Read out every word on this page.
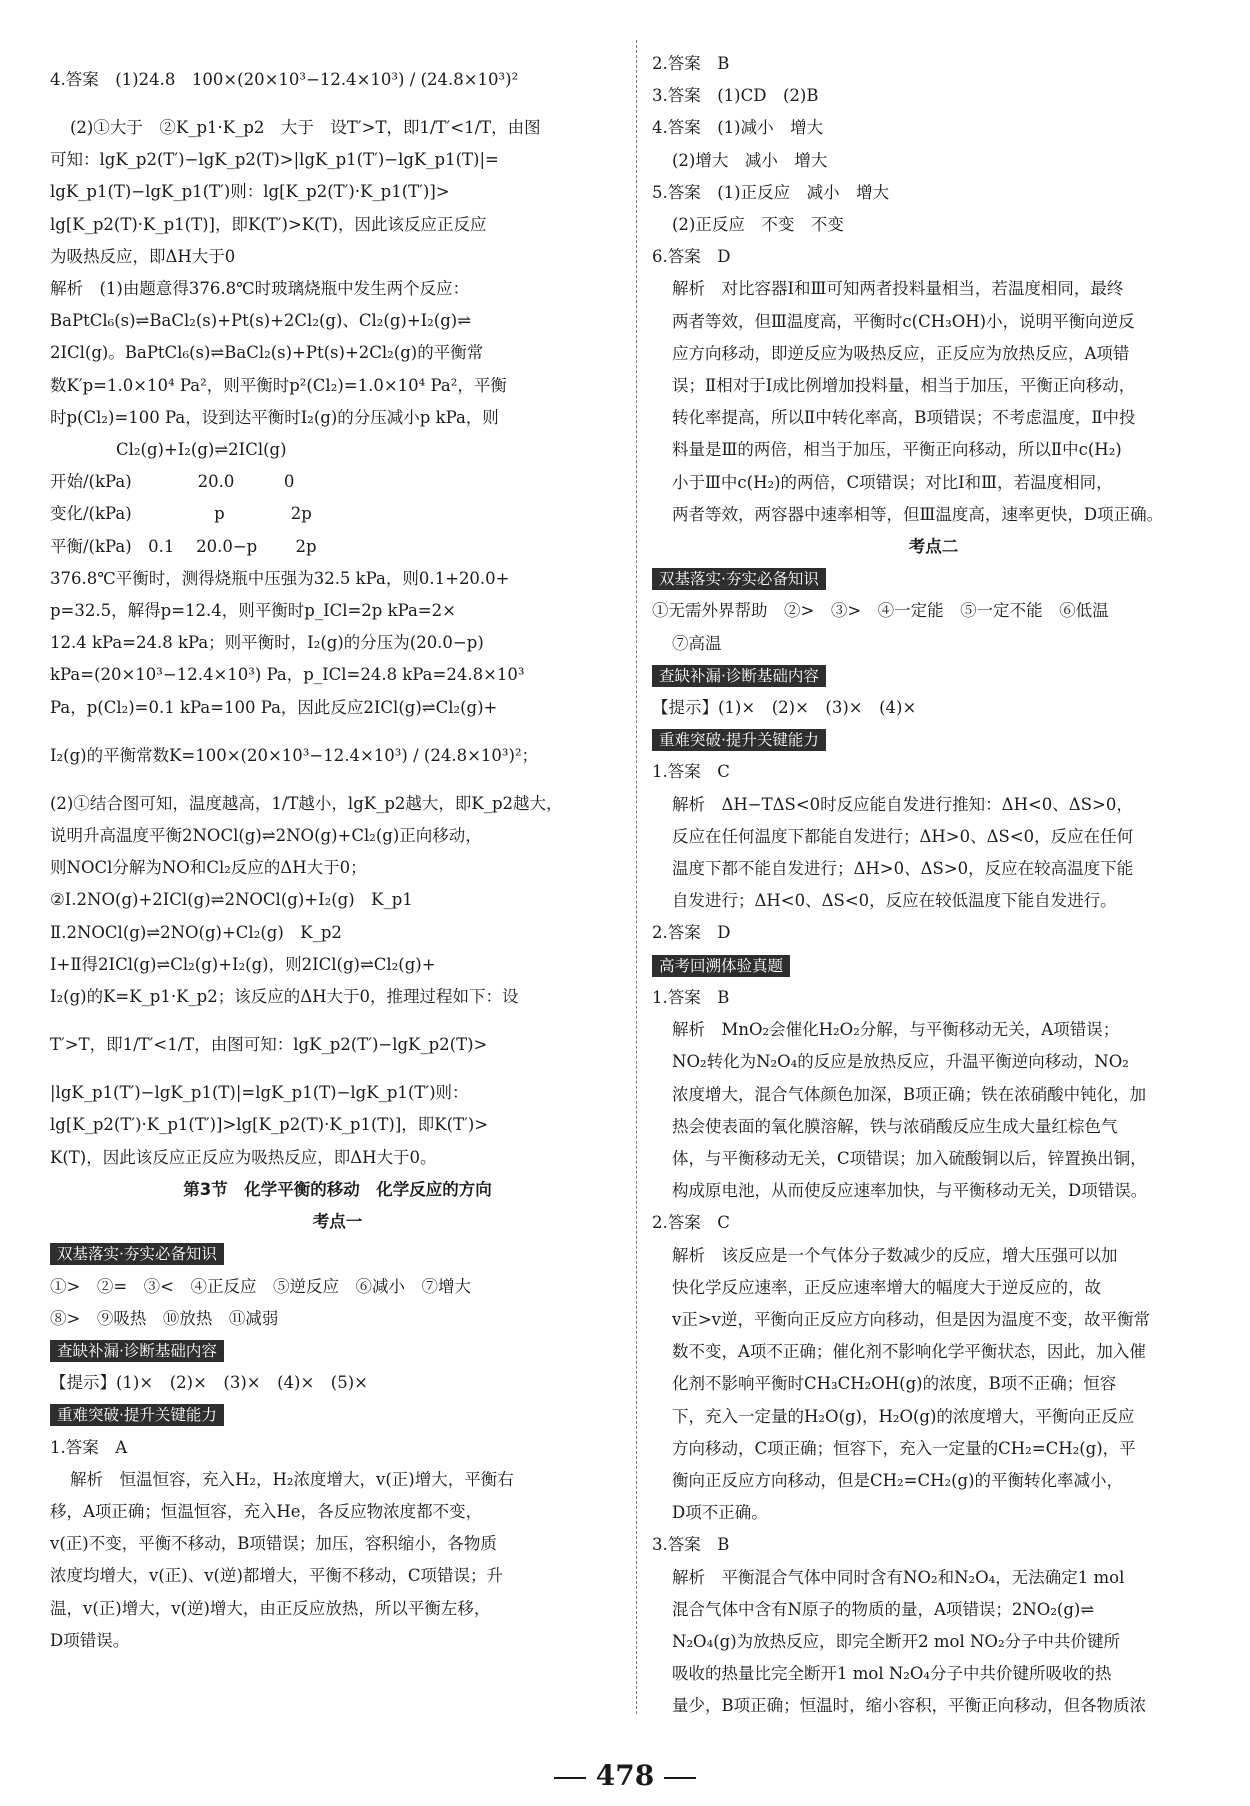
4.答案　(1)24.8　100×(20×10³−12.4×10³) / (24.8×10³)²
(2)①大于　②K_p1·K_p2　大于　设T′>T，即1/T′<1/T，由图
可知：lgK_p2(T′)−lgK_p2(T)>|lgK_p1(T′)−lgK_p1(T)|=
lgK_p1(T)−lgK_p1(T′)则：lg[K_p2(T′)·K_p1(T′)]>
lg[K_p2(T)·K_p1(T)]，即K(T′)>K(T)，因此该反应正反应
为吸热反应，即ΔH大于0
解析　(1)由题意得376.8℃时玻璃烧瓶中发生两个反应：
BaPtCl₆(s)⇌BaCl₂(s)+Pt(s)+2Cl₂(g)、Cl₂(g)+I₂(g)⇌
2ICl(g)。BaPtCl₆(s)⇌BaCl₂(s)+Pt(s)+2Cl₂(g)的平衡常
数K′p=1.0×10⁴ Pa²，则平衡时p²(Cl₂)=1.0×10⁴ Pa²，平衡
时p(Cl₂)=100 Pa，设到达平衡时I₂(g)的分压减小p kPa，则
　　　　Cl₂(g)+I₂(g)⇌2ICl(g)
开始/(kPa)　　　　20.0　　　0
变化/(kPa)　　　　　p　　　　2p
平衡/(kPa)　0.1　 20.0−p　　 2p
376.8℃平衡时，测得烧瓶中压强为32.5 kPa，则0.1+20.0+
p=32.5，解得p=12.4，则平衡时p_ICl=2p kPa=2×
12.4 kPa=24.8 kPa；则平衡时，I₂(g)的分压为(20.0−p)
kPa=(20×10³−12.4×10³) Pa，p_ICl=24.8 kPa=24.8×10³
Pa，p(Cl₂)=0.1 kPa=100 Pa，因此反应2ICl(g)⇌Cl₂(g)+
I₂(g)的平衡常数K=100×(20×10³−12.4×10³) / (24.8×10³)²；
(2)①结合图可知，温度越高，1/T越小，lgK_p2越大，即K_p2越大，
说明升高温度平衡2NOCl(g)⇌2NO(g)+Cl₂(g)正向移动，
则NOCl分解为NO和Cl₂反应的ΔH大于0；
②Ⅰ.2NO(g)+2ICl(g)⇌2NOCl(g)+I₂(g)　K_p1
Ⅱ.2NOCl(g)⇌2NO(g)+Cl₂(g)　K_p2
Ⅰ+Ⅱ得2ICl(g)⇌Cl₂(g)+I₂(g)，则2ICl(g)⇌Cl₂(g)+
I₂(g)的K=K_p1·K_p2；该反应的ΔH大于0，推理过程如下：设
T′>T，即1/T′<1/T，由图可知：lgK_p2(T′)−lgK_p2(T)>
|lgK_p1(T′)−lgK_p1(T)|=lgK_p1(T)−lgK_p1(T′)则：
lg[K_p2(T′)·K_p1(T′)]>lg[K_p2(T)·K_p1(T)]，即K(T′)>
K(T)，因此该反应正反应为吸热反应，即ΔH大于0。
第3节　化学平衡的移动　化学反应的方向
考点一
双基落实·夯实必备知识
①>　②=　③<　④正反应　⑤逆反应　⑥减小　⑦增大
⑧>　⑨吸热　⑩放热　⑪减弱
查缺补漏·诊断基础内容
【提示】(1)×　(2)×　(3)×　(4)×　(5)×
重难突破·提升关键能力
1.答案　A
解析　恒温恒容，充入H₂，H₂浓度增大，v(正)增大，平衡右
移，A项正确；恒温恒容，充入He，各反应物浓度都不变，
v(正)不变，平衡不移动，B项错误；加压，容积缩小，各物质
浓度均增大，v(正)、v(逆)都增大，平衡不移动，C项错误；升
温，v(正)增大，v(逆)增大，由正反应放热，所以平衡左移，
D项错误。
2.答案　B
3.答案　(1)CD　(2)B
4.答案　(1)减小　增大
(2)增大　减小　增大
5.答案　(1)正反应　减小　增大
(2)正反应　不变　不变
6.答案　D
解析　对比容器Ⅰ和Ⅲ可知两者投料量相当，若温度相同，最终
两者等效，但Ⅲ温度高，平衡时c(CH₃OH)小，说明平衡向逆反
应方向移动，即逆反应为吸热反应，正反应为放热反应，A项错
误；Ⅱ相对于Ⅰ成比例增加投料量，相当于加压，平衡正向移动，
转化率提高，所以Ⅱ中转化率高，B项错误；不考虑温度，Ⅱ中投
料量是Ⅲ的两倍，相当于加压，平衡正向移动，所以Ⅱ中c(H₂)
小于Ⅲ中c(H₂)的两倍，C项错误；对比Ⅰ和Ⅲ，若温度相同，
两者等效，两容器中速率相等，但Ⅲ温度高，速率更快，D项正确。
考点二
双基落实·夯实必备知识
①无需外界帮助　②>　③>　④一定能　⑤一定不能　⑥低温
⑦高温
查缺补漏·诊断基础内容
【提示】(1)×　(2)×　(3)×　(4)×
重难突破·提升关键能力
1.答案　C
解析　ΔH−TΔS<0时反应能自发进行推知：ΔH<0、ΔS>0，
反应在任何温度下都能自发进行；ΔH>0、ΔS<0，反应在任何
温度下都不能自发进行；ΔH>0、ΔS>0，反应在较高温度下能
自发进行；ΔH<0、ΔS<0，反应在较低温度下能自发进行。
2.答案　D
高考回溯体验真题
1.答案　B
解析　MnO₂会催化H₂O₂分解，与平衡移动无关，A项错误；
NO₂转化为N₂O₄的反应是放热反应，升温平衡逆向移动，NO₂
浓度增大，混合气体颜色加深，B项正确；铁在浓硝酸中钝化，加
热会使表面的氧化膜溶解，铁与浓硝酸反应生成大量红棕色气
体，与平衡移动无关，C项错误；加入硫酸铜以后，锌置换出铜，
构成原电池，从而使反应速率加快，与平衡移动无关，D项错误。
2.答案　C
解析　该反应是一个气体分子数减少的反应，增大压强可以加
快化学反应速率，正反应速率增大的幅度大于逆反应的，故
v正>v逆，平衡向正反应方向移动，但是因为温度不变，故平衡常
数不变，A项不正确；催化剂不影响化学平衡状态，因此，加入催
化剂不影响平衡时CH₃CH₂OH(g)的浓度，B项不正确；恒容
下，充入一定量的H₂O(g)，H₂O(g)的浓度增大，平衡向正反应
方向移动，C项正确；恒容下，充入一定量的CH₂=CH₂(g)，平
衡向正反应方向移动，但是CH₂=CH₂(g)的平衡转化率减小，
D项不正确。
3.答案　B
解析　平衡混合气体中同时含有NO₂和N₂O₄，无法确定1 mol
混合气体中含有N原子的物质的量，A项错误；2NO₂(g)⇌
N₂O₄(g)为放热反应，即完全断开2 mol NO₂分子中共价键所
吸收的热量比完全断开1 mol N₂O₄分子中共价键所吸收的热
量少，B项正确；恒温时，缩小容积，平衡正向移动，但各物质浓
478
